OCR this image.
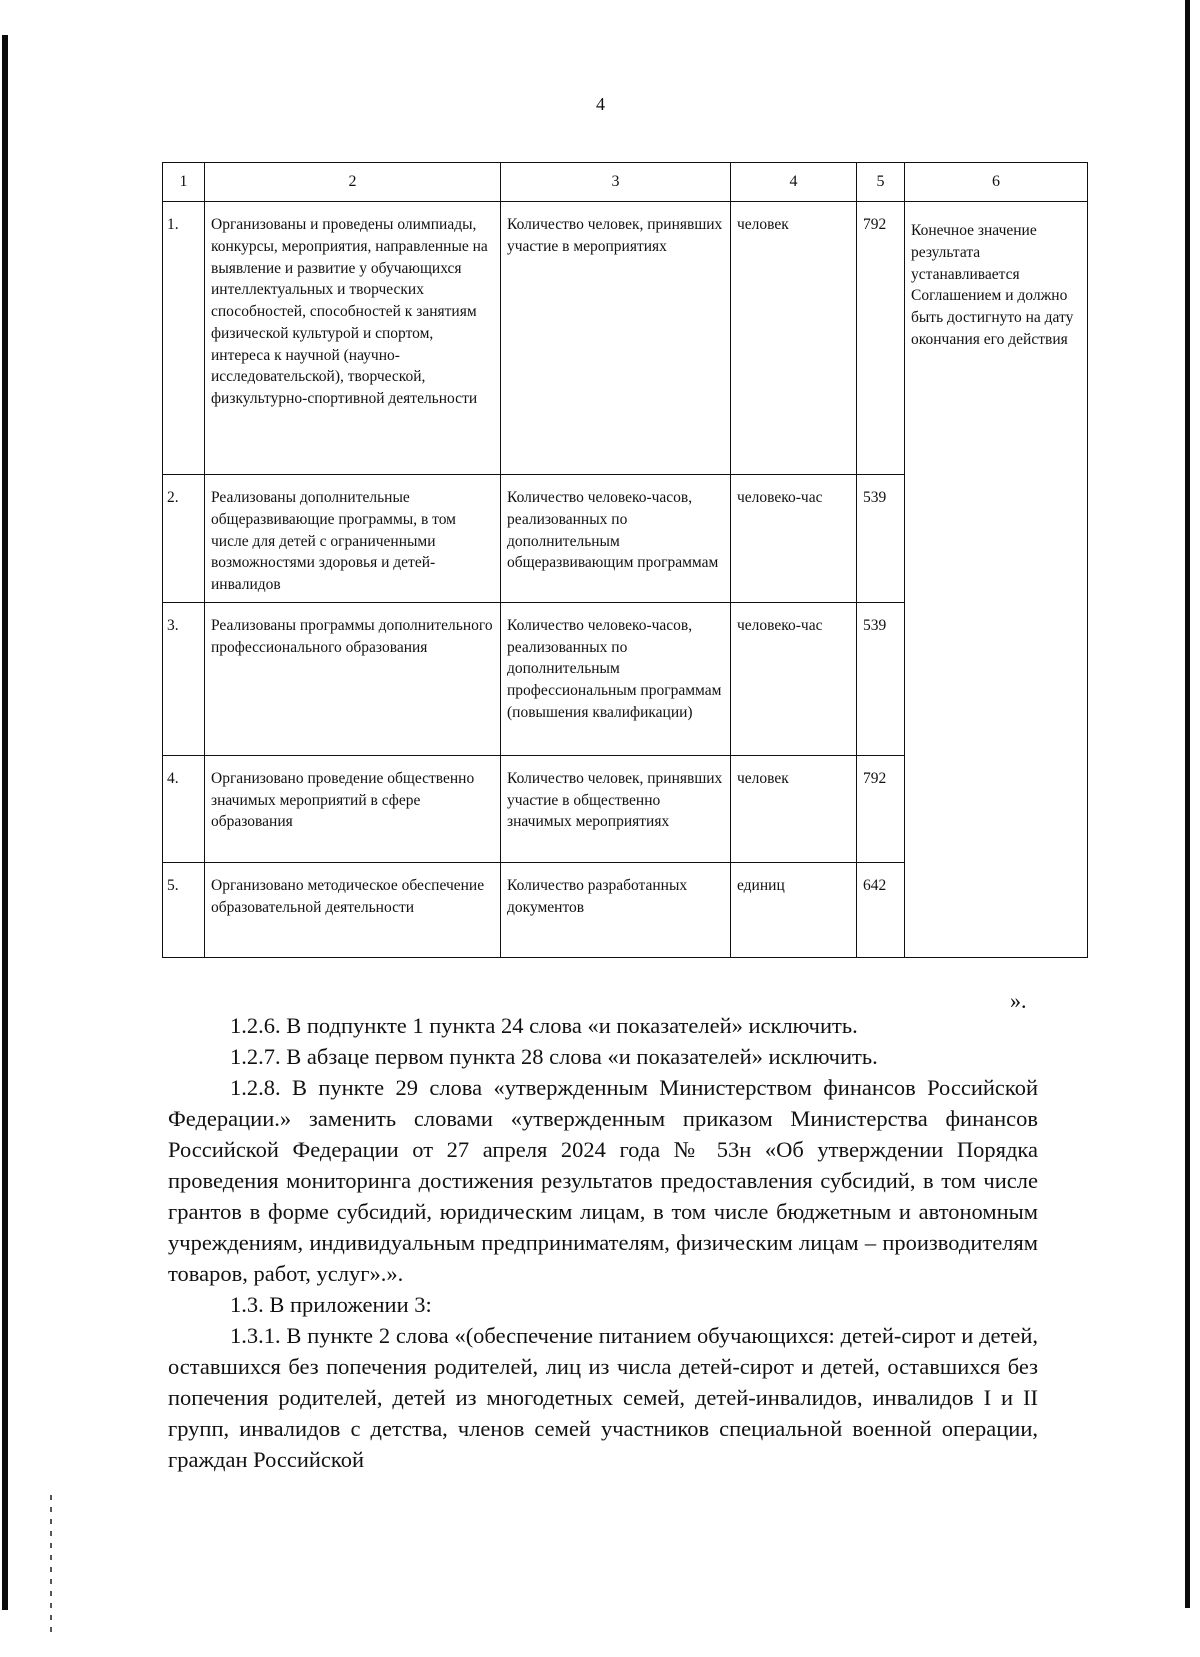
4
1	2	3	4	5	6
1.	Организованы и проведены олимпиады, конкурсы, мероприятия, направленные на выявление и развитие у обучающихся интеллектуальных и творческих способностей, способностей к занятиям физической культурой и спортом, интереса к научной (научно-исследовательской), творческой, физкультурно-спортивной деятельности	Количество человек, принявших участие в мероприятиях	человек	792	Конечное значение результата устанавливается Соглашением и должно быть достигнуто на дату окончания его действия
2.	Реализованы дополнительные общеразвивающие программы, в том числе для детей с ограниченными возможностями здоровья и детей-инвалидов	Количество человеко-часов, реализованных по дополнительным общеразвивающим программам	человеко-час	539	
3.	Реализованы программы дополнительного профессионального образования	Количество человеко-часов, реализованных по дополнительным профессиональным программам (повышения квалификации)	человеко-час	539	
4.	Организовано проведение общественно значимых мероприятий в сфере образования	Количество человек, принявших участие в общественно значимых мероприятиях	человек	792	
5.	Организовано методическое обеспечение образовательной деятельности	Количество разработанных документов	единиц	642	
».

1.2.6. В подпункте 1 пункта 24 слова «и показателей» исключить.

1.2.7. В абзаце первом пункта 28 слова «и показателей» исключить.

1.2.8. В пункте 29 слова «утвержденным Министерством финансов Российской Федерации.» заменить словами «утвержденным приказом Министерства финансов Российской Федерации от 27 апреля 2024 года № 53н «Об утверждении Порядка проведения мониторинга достижения результатов предоставления субсидий, в том числе грантов в форме субсидий, юридическим лицам, в том числе бюджетным и автономным учреждениям, индивидуальным предпринимателям, физическим лицам – производителям товаров, работ, услуг».».

1.3. В приложении 3:

1.3.1. В пункте 2 слова «(обеспечение питанием обучающихся: детей-сирот и детей, оставшихся без попечения родителей, лиц из числа детей-сирот и детей, оставшихся без попечения родителей, детей из многодетных семей, детей-инвалидов, инвалидов I и II групп, инвалидов с детства, членов семей участников специальной военной операции, граждан Российской
